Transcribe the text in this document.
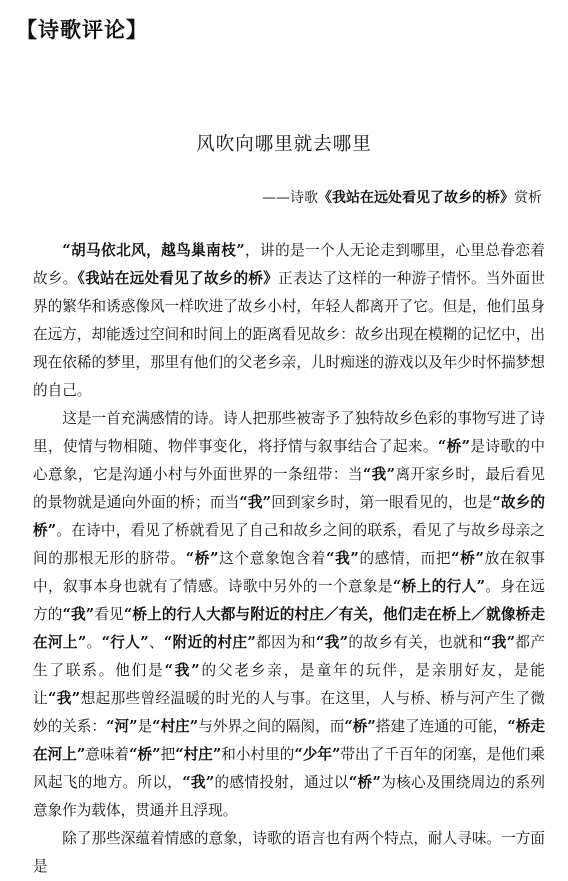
【诗歌评论】
风吹向哪里就去哪里
——诗歌《我站在远处看见了故乡的桥》赏析

“胡马依北风，越鸟巢南枝”，讲的是一个人无论走到哪里，心里总眷恋着故乡。《我站在远处看见了故乡的桥》正表达了这样的一种游子情怀。当外面世界的繁华和诱惑像风一样吹进了故乡小村，年轻人都离开了它。但是，他们虽身在远方，却能透过空间和时间上的距离看见故乡：故乡出现在模糊的记忆中，出现在依稀的梦里，那里有他们的父老乡亲，儿时痴迷的游戏以及年少时怀揣梦想的自己。

这是一首充满感情的诗。诗人把那些被寄予了独特故乡色彩的事物写进了诗里，使情与物相随、物伴事变化，将抒情与叙事结合了起来。“桥”是诗歌的中心意象，它是沟通小村与外面世界的一条纽带：当“我”离开家乡时，最后看见的景物就是通向外面的桥；而当“我”回到家乡时，第一眼看见的，也是“故乡的桥”。在诗中，看见了桥就看见了自己和故乡之间的联系，看见了与故乡母亲之间的那根无形的脐带。“桥”这个意象饱含着“我”的感情，而把“桥”放在叙事中，叙事本身也就有了情感。诗歌中另外的一个意象是“桥上的行人”。身在远方的“我”看见“桥上的行人大都与附近的村庄／有关，他们走在桥上／就像桥走在河上”。“行人”、“附近的村庄”都因为和“我”的故乡有关，也就和“我”都产生了联系。他们是“我”的父老乡亲，是童年的玩伴，是亲朋好友，是能让“我”想起那些曾经温暖的时光的人与事。在这里，人与桥、桥与河产生了微妙的关系：“河”是“村庄”与外界之间的隔阂，而“桥”搭建了连通的可能，“桥走在河上”意味着“桥”把“村庄”和小村里的“少年”带出了千百年的闭塞，是他们乘风起飞的地方。所以，“我”的感情投射，通过以“桥”为核心及围绕周边的系列意象作为载体，贯通并且浮现。

除了那些深蕴着情感的意象，诗歌的语言也有两个特点，耐人寻味。一方面是
